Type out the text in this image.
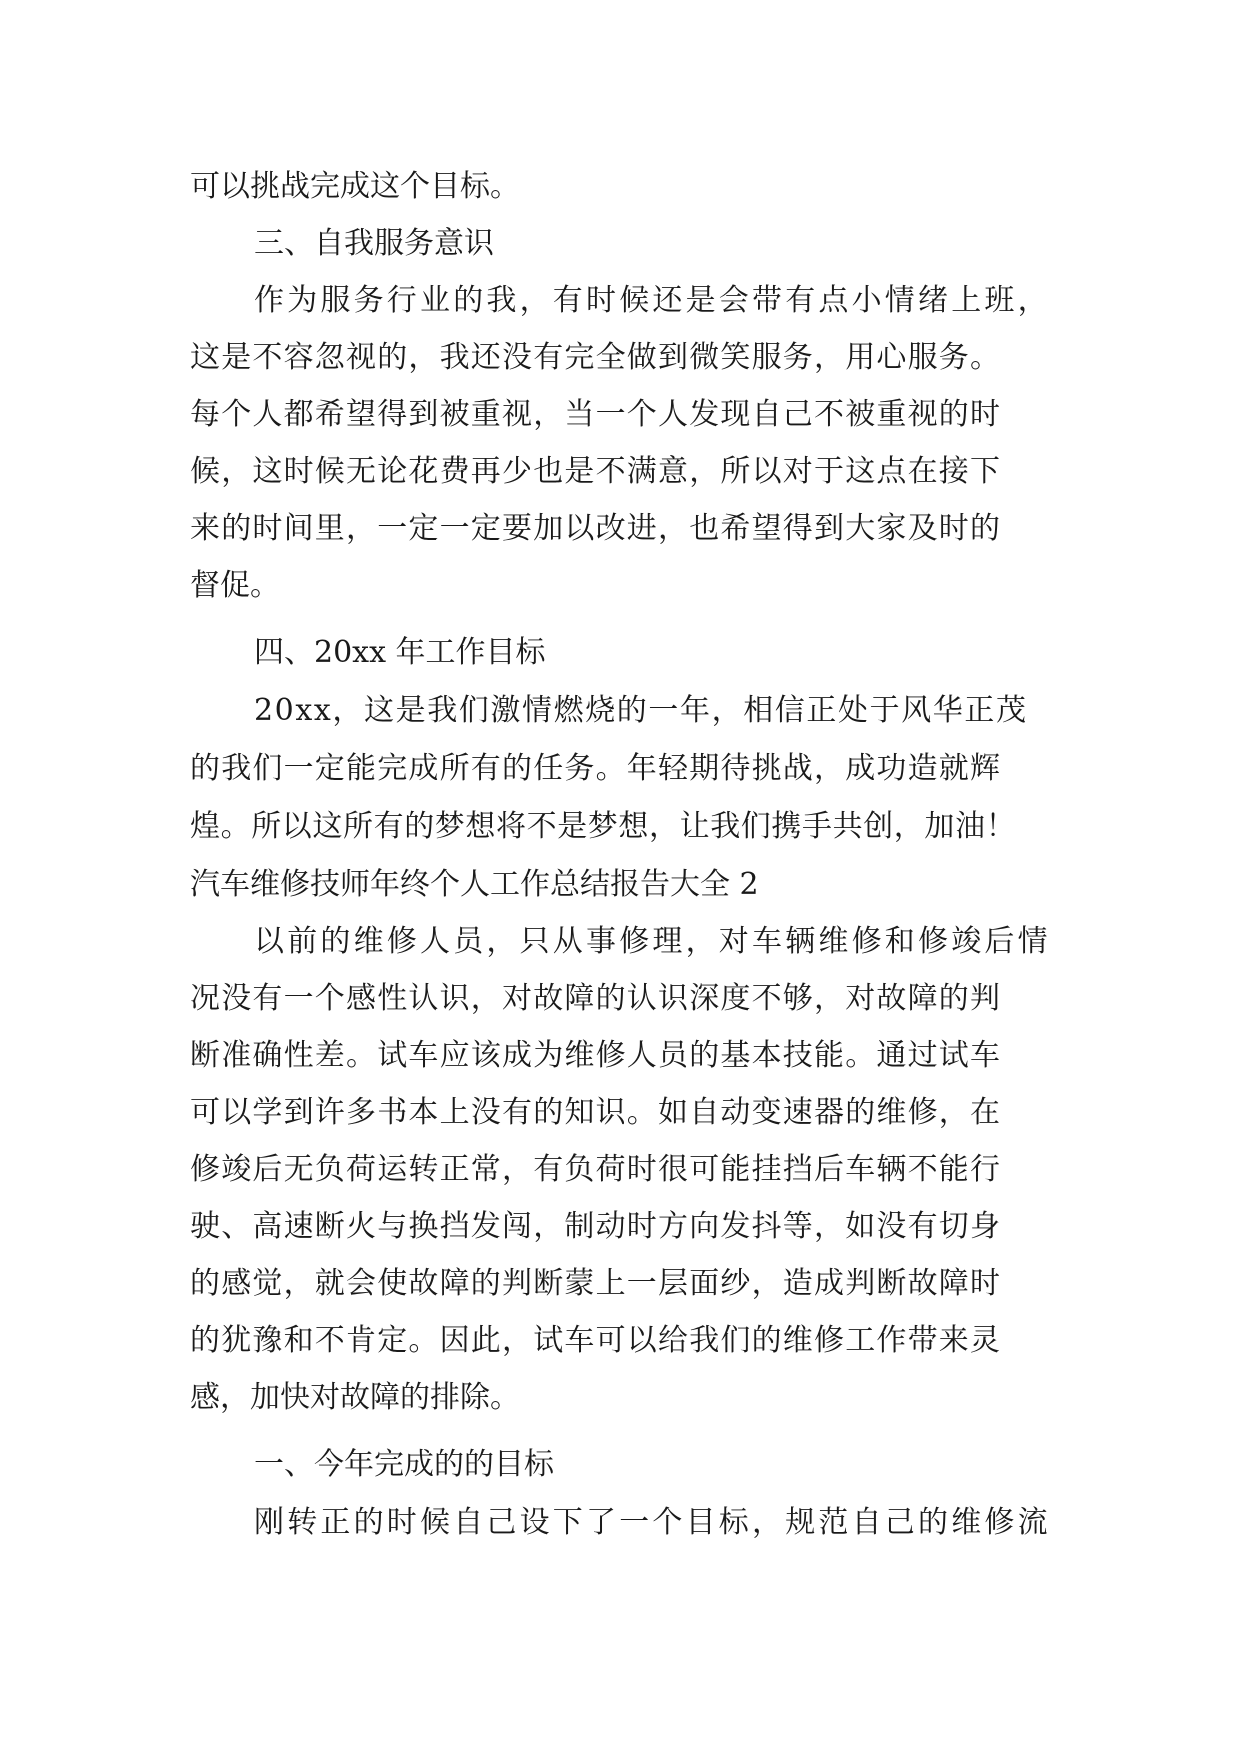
可以挑战完成这个目标。
三、自我服务意识
作为服务行业的我，有时候还是会带有点小情绪上班，
这是不容忽视的，我还没有完全做到微笑服务，用心服务。
每个人都希望得到被重视，当一个人发现自己不被重视的时
候，这时候无论花费再少也是不满意，所以对于这点在接下
来的时间里，一定一定要加以改进，也希望得到大家及时的
督促。
四、20xx 年工作目标
20xx，这是我们激情燃烧的一年，相信正处于风华正茂
的我们一定能完成所有的任务。年轻期待挑战，成功造就辉
煌。所以这所有的梦想将不是梦想，让我们携手共创，加油！
汽车维修技师年终个人工作总结报告大全 2
以前的维修人员，只从事修理，对车辆维修和修竣后情
况没有一个感性认识，对故障的认识深度不够，对故障的判
断准确性差。试车应该成为维修人员的基本技能。通过试车
可以学到许多书本上没有的知识。如自动变速器的维修，在
修竣后无负荷运转正常，有负荷时很可能挂挡后车辆不能行
驶、高速断火与换挡发闯，制动时方向发抖等，如没有切身
的感觉，就会使故障的判断蒙上一层面纱，造成判断故障时
的犹豫和不肯定。因此，试车可以给我们的维修工作带来灵
感，加快对故障的排除。
一、今年完成的的目标
刚转正的时候自己设下了一个目标，规范自己的维修流
